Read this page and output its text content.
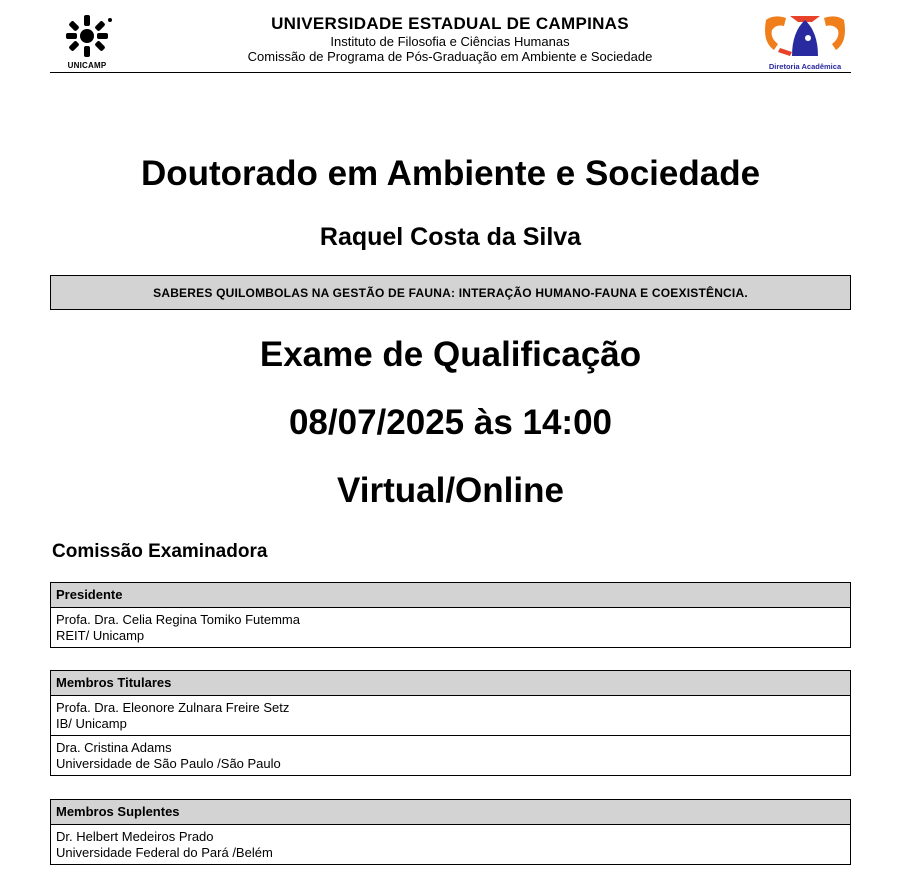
UNICAMP
UNIVERSIDADE ESTADUAL DE CAMPINAS
Instituto de Filosofia e Ciências Humanas
Comissão de Programa de Pós-Graduação em Ambiente e Sociedade
Diretoria Acadêmica
Doutorado em Ambiente e Sociedade
Raquel Costa da Silva
SABERES QUILOMBOLAS NA GESTÃO DE FAUNA: INTERAÇÃO HUMANO-FAUNA E COEXISTÊNCIA.
Exame de Qualificação
08/07/2025 às 14:00
Virtual/Online
Comissão Examinadora
Presidente
Profa. Dra. Celia Regina Tomiko Futemma
REIT/ Unicamp
Membros Titulares
Profa. Dra. Eleonore Zulnara Freire Setz
IB/ Unicamp
Dra. Cristina Adams
Universidade de São Paulo /São Paulo
Membros Suplentes
Dr. Helbert Medeiros Prado
Universidade Federal do Pará /Belém
